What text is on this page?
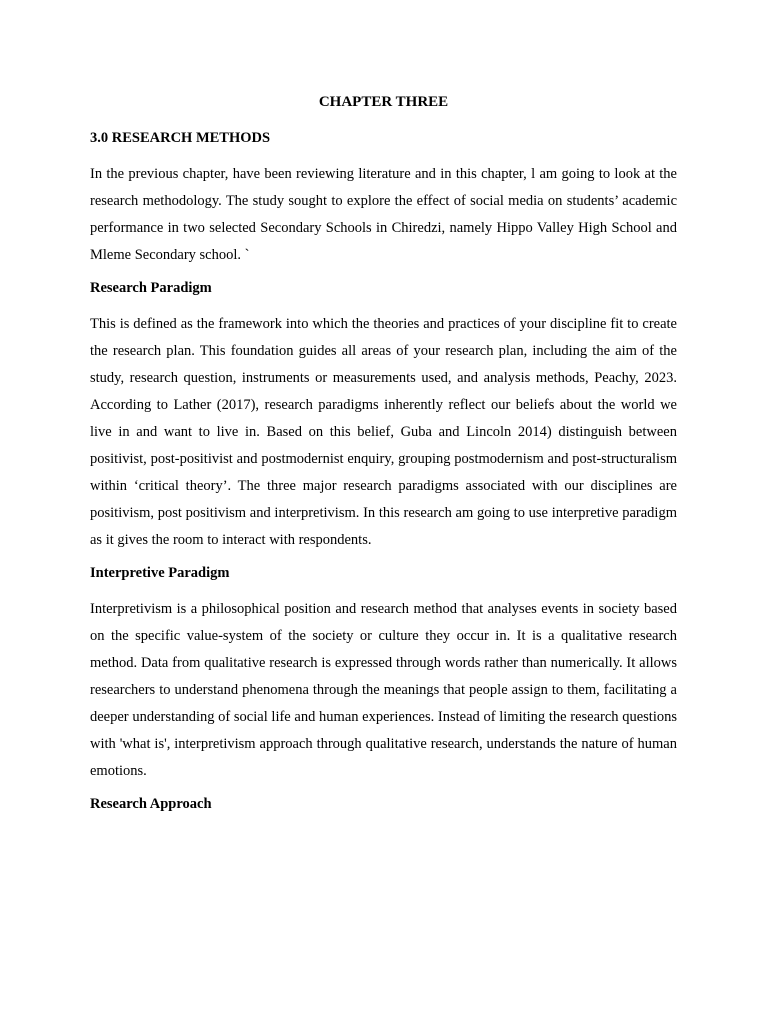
CHAPTER THREE
3.0 RESEARCH METHODS

In the previous chapter, have been reviewing literature and in this chapter, l am going to look at the research methodology. The study sought to explore the effect of social media on students’ academic performance in two selected Secondary Schools in Chiredzi, namely Hippo Valley High School and Mleme Secondary school. `

Research Paradigm

This is defined as the framework into which the theories and practices of your discipline fit to create the research plan. This foundation guides all areas of your research plan, including the aim of the study, research question, instruments or measurements used, and analysis methods, Peachy, 2023. According to Lather (2017), research paradigms inherently reflect our beliefs about the world we live in and want to live in. Based on this belief, Guba and Lincoln 2014) distinguish between positivist, post-positivist and postmodernist enquiry, grouping postmodernism and post-structuralism within ‘critical theory’. The three major research paradigms associated with our disciplines are positivism, post positivism and interpretivism. In this research am going to use interpretive paradigm as it gives the room to interact with respondents.

Interpretive Paradigm

Interpretivism is a philosophical position and research method that analyses events in society based on the specific value-system of the society or culture they occur in. It is a qualitative research method. Data from qualitative research is expressed through words rather than numerically. It allows researchers to understand phenomena through the meanings that people assign to them, facilitating a deeper understanding of social life and human experiences. Instead of limiting the research questions with 'what is', interpretivism approach through qualitative research, understands the nature of human emotions.

Research Approach
